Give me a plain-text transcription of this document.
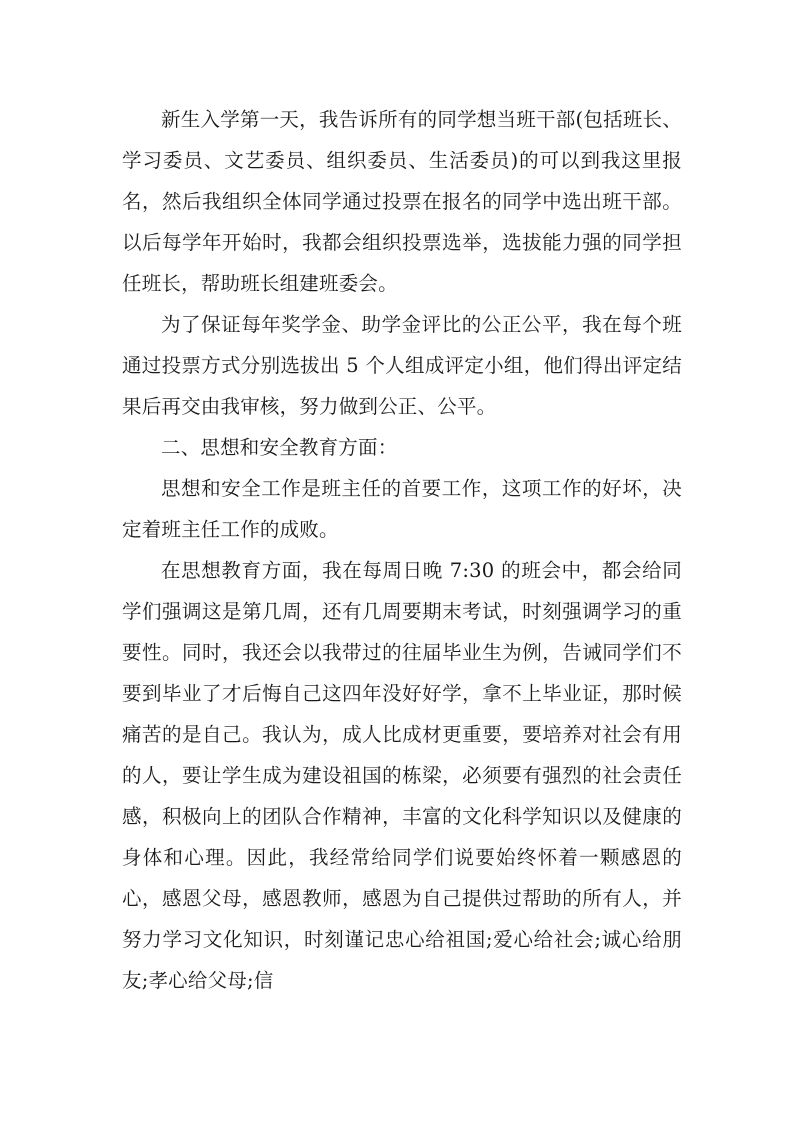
新生入学第一天，我告诉所有的同学想当班干部(包括班长、学习委员、文艺委员、组织委员、生活委员)的可以到我这里报名，然后我组织全体同学通过投票在报名的同学中选出班干部。以后每学年开始时，我都会组织投票选举，选拔能力强的同学担任班长，帮助班长组建班委会。

为了保证每年奖学金、助学金评比的公正公平，我在每个班通过投票方式分别选拔出 5 个人组成评定小组，他们得出评定结果后再交由我审核，努力做到公正、公平。

二、思想和安全教育方面：

思想和安全工作是班主任的首要工作，这项工作的好坏，决定着班主任工作的成败。

在思想教育方面，我在每周日晚 7:30 的班会中，都会给同学们强调这是第几周，还有几周要期末考试，时刻强调学习的重要性。同时，我还会以我带过的往届毕业生为例，告诫同学们不要到毕业了才后悔自己这四年没好好学，拿不上毕业证，那时候痛苦的是自己。我认为，成人比成材更重要，要培养对社会有用的人，要让学生成为建设祖国的栋梁，必须要有强烈的社会责任感，积极向上的团队合作精神，丰富的文化科学知识以及健康的身体和心理。因此，我经常给同学们说要始终怀着一颗感恩的心，感恩父母，感恩教师，感恩为自己提供过帮助的所有人，并努力学习文化知识，时刻谨记忠心给祖国;爱心给社会;诚心给朋友;孝心给父母;信
